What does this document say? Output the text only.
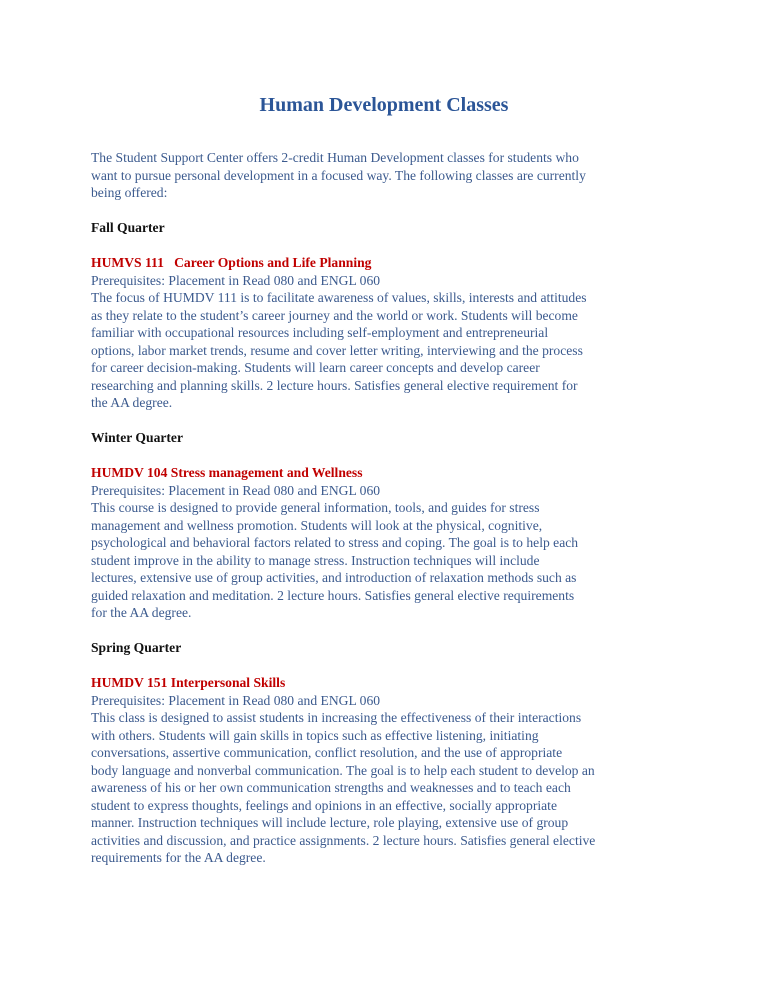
Human Development Classes
The Student Support Center offers 2-credit Human Development classes for students who
want to pursue personal development in a focused way. The following classes are currently
being offered:
Fall Quarter
HUMVS 111   Career Options and Life Planning
Prerequisites: Placement in Read 080 and ENGL 060
The focus of HUMDV 111 is to facilitate awareness of values, skills, interests and attitudes
as they relate to the student’s career journey and the world or work. Students will become
familiar with occupational resources including self-employment and entrepreneurial
options, labor market trends, resume and cover letter writing, interviewing and the process
for career decision-making. Students will learn career concepts and develop career
researching and planning skills. 2 lecture hours. Satisfies general elective requirement for
the AA degree.
Winter Quarter
HUMDV 104 Stress management and Wellness
Prerequisites: Placement in Read 080 and ENGL 060
This course is designed to provide general information, tools, and guides for stress
management and wellness promotion. Students will look at the physical, cognitive,
psychological and behavioral factors related to stress and coping. The goal is to help each
student improve in the ability to manage stress. Instruction techniques will include
lectures, extensive use of group activities, and introduction of relaxation methods such as
guided relaxation and meditation. 2 lecture hours. Satisfies general elective requirements
for the AA degree.
Spring Quarter
HUMDV 151 Interpersonal Skills
Prerequisites: Placement in Read 080 and ENGL 060
This class is designed to assist students in increasing the effectiveness of their interactions
with others. Students will gain skills in topics such as effective listening, initiating
conversations, assertive communication, conflict resolution, and the use of appropriate
body language and nonverbal communication. The goal is to help each student to develop an
awareness of his or her own communication strengths and weaknesses and to teach each
student to express thoughts, feelings and opinions in an effective, socially appropriate
manner. Instruction techniques will include lecture, role playing, extensive use of group
activities and discussion, and practice assignments. 2 lecture hours. Satisfies general elective
requirements for the AA degree.
